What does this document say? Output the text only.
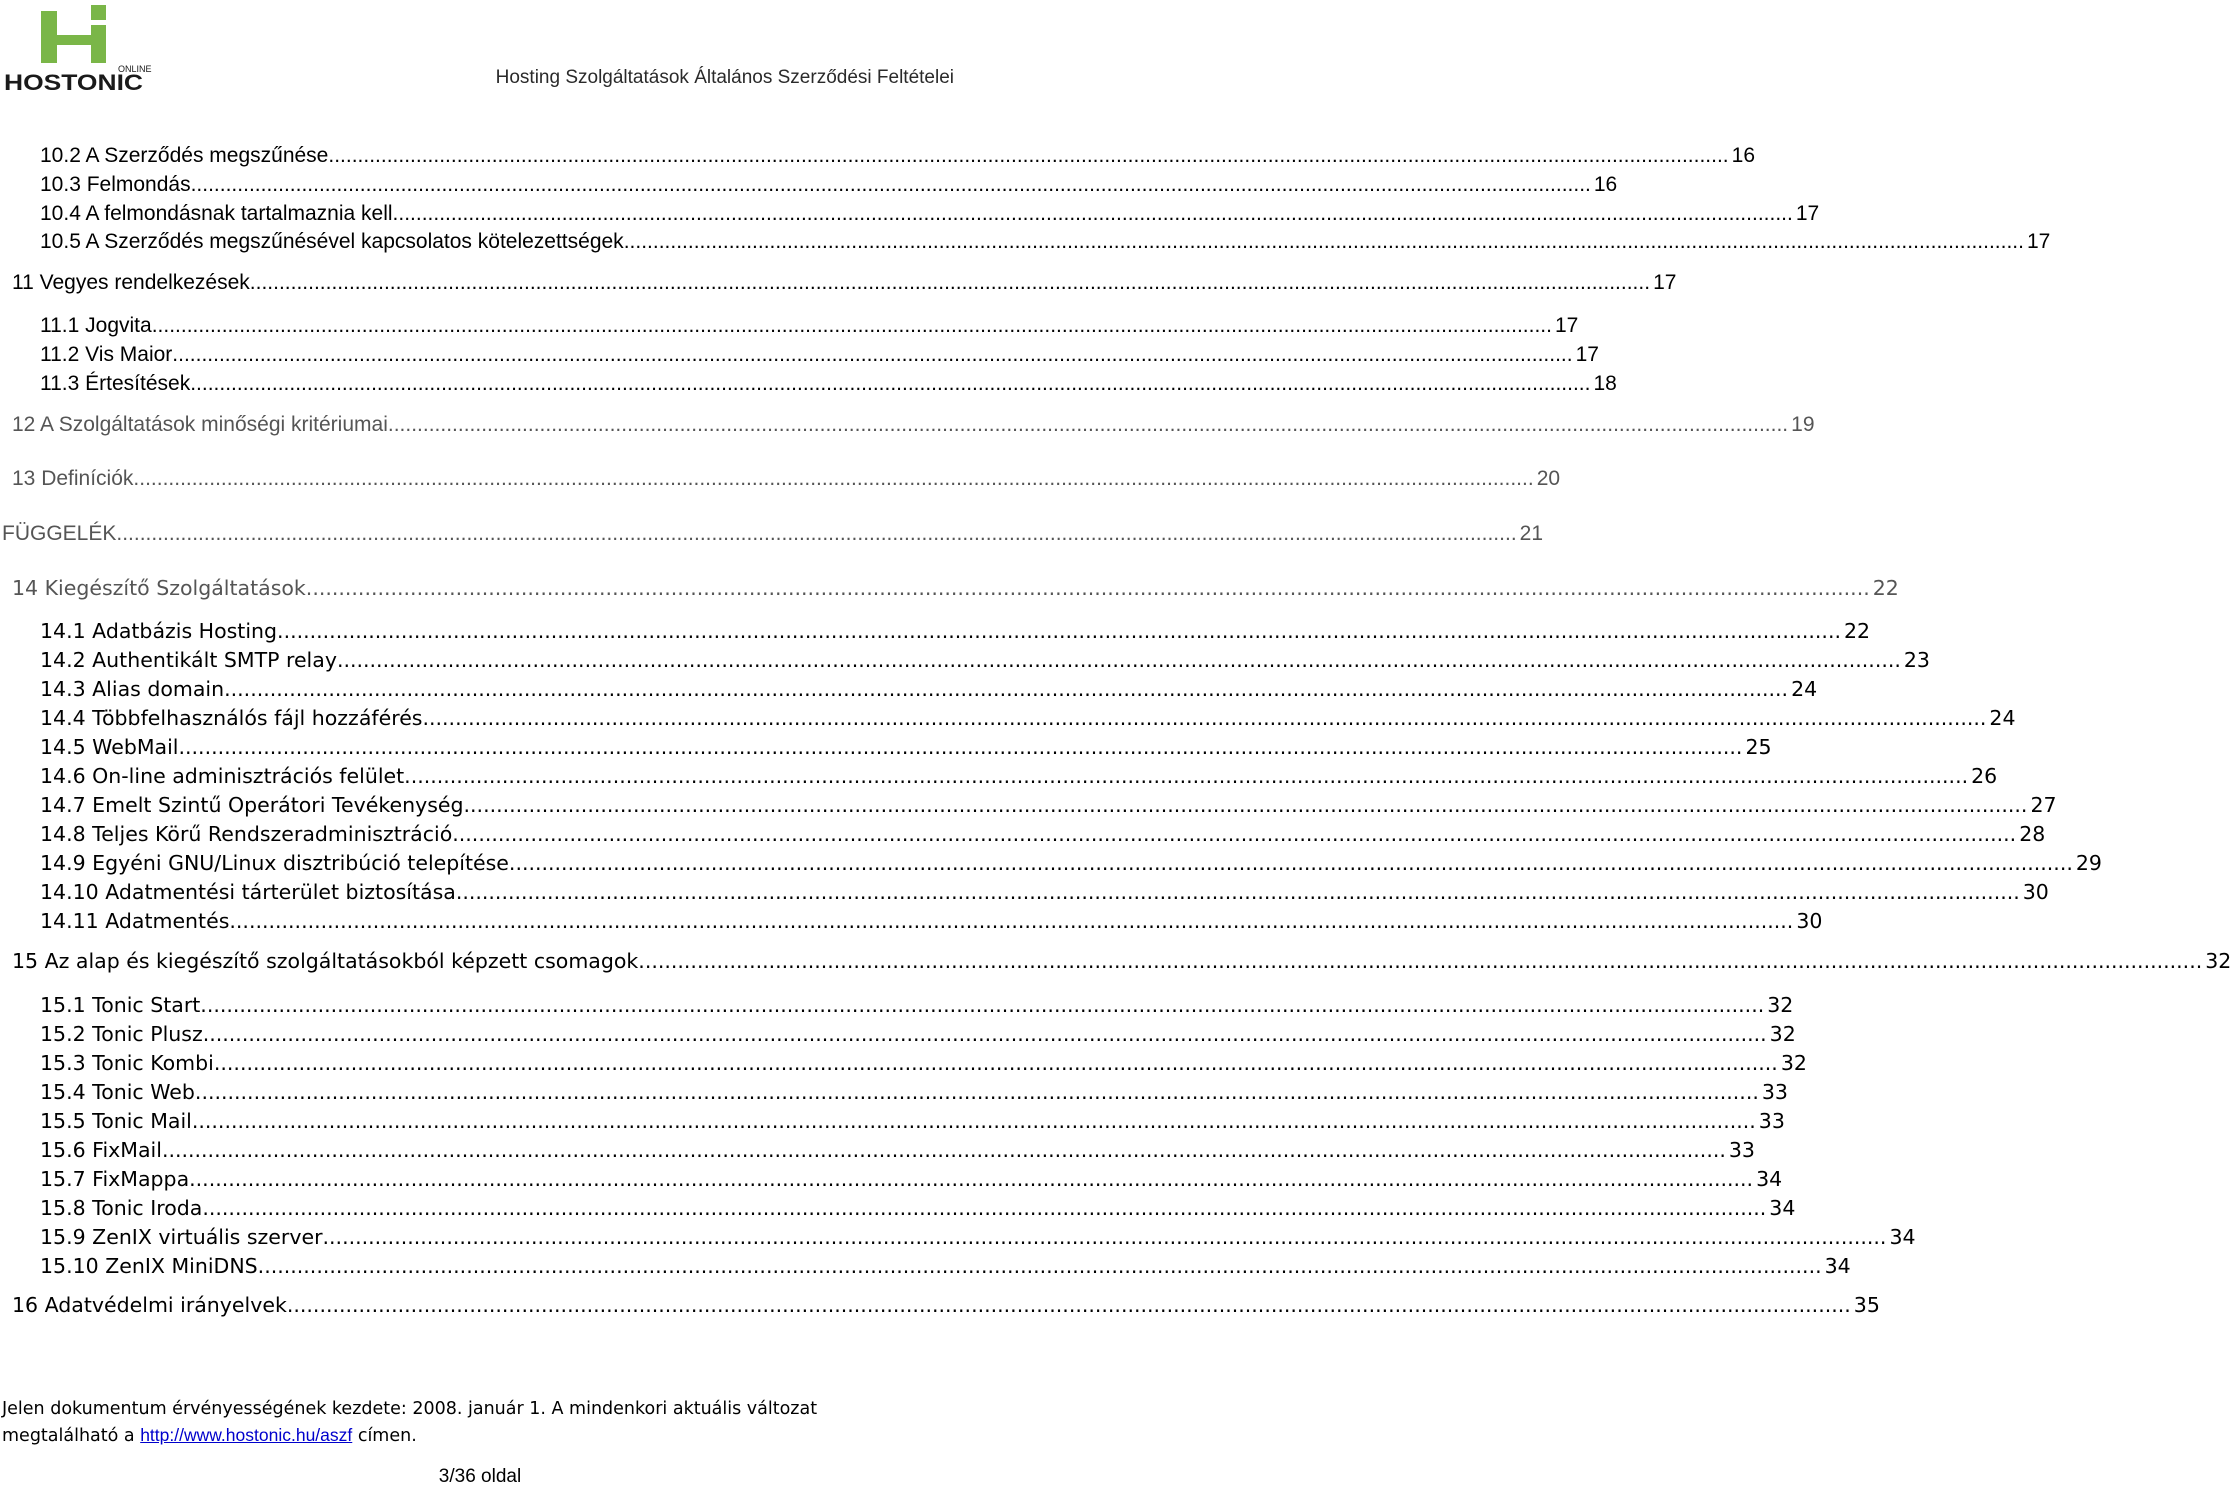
ONLINE
HOSTONIC	Hosting Szolgáltatások Általános Szerződési Feltételei
10.2 A Szerződés megszűnése .....	16
10.3 Felmondás .....	16
10.4 A felmondásnak tartalmaznia kell .....	17
10.5 A Szerződés megszűnésével kapcsolatos kötelezettségek .....	17
11 Vegyes rendelkezések .....	17
11.1 Jogvita .....	17
11.2 Vis Maior .....	17
11.3 Értesítések .....	18
12 A Szolgáltatások minőségi kritériumai .....	19
13 Definíciók .....	20
FÜGGELÉK .....	21
14 Kiegészítő Szolgáltatások .....	22
14.1 Adatbázis Hosting .....	22
14.2 Authentikált SMTP relay .....	23
14.3 Alias domain .....	24
14.4 Többfelhasználós fájl hozzáférés .....	24
14.5 WebMail .....	25
14.6 On-line adminisztrációs felület .....	26
14.7 Emelt Szintű Operátori Tevékenység .....	27
14.8 Teljes Körű Rendszeradminisztráció .....	28
14.9 Egyéni GNU/Linux disztribúció telepítése .....	29
14.10 Adatmentési tárterület biztosítása .....	30
14.11 Adatmentés .....	30
15 Az alap és kiegészítő szolgáltatásokból képzett csomagok .....	32
15.1 Tonic Start .....	32
15.2 Tonic Plusz .....	32
15.3 Tonic Kombi .....	32
15.4 Tonic Web .....	33
15.5 Tonic Mail .....	33
15.6 FixMail .....	33
15.7 FixMappa .....	34
15.8 Tonic Iroda .....	34
15.9 ZenIX virtuális szerver .....	34
15.10 ZenIX MiniDNS .....	34
16 Adatvédelmi irányelvek .....	35
Jelen dokumentum érvényességének kezdete: 2008. január 1. A mindenkori aktuális változat
megtalálható a http://www.hostonic.hu/aszf címen.
3/36 oldal
